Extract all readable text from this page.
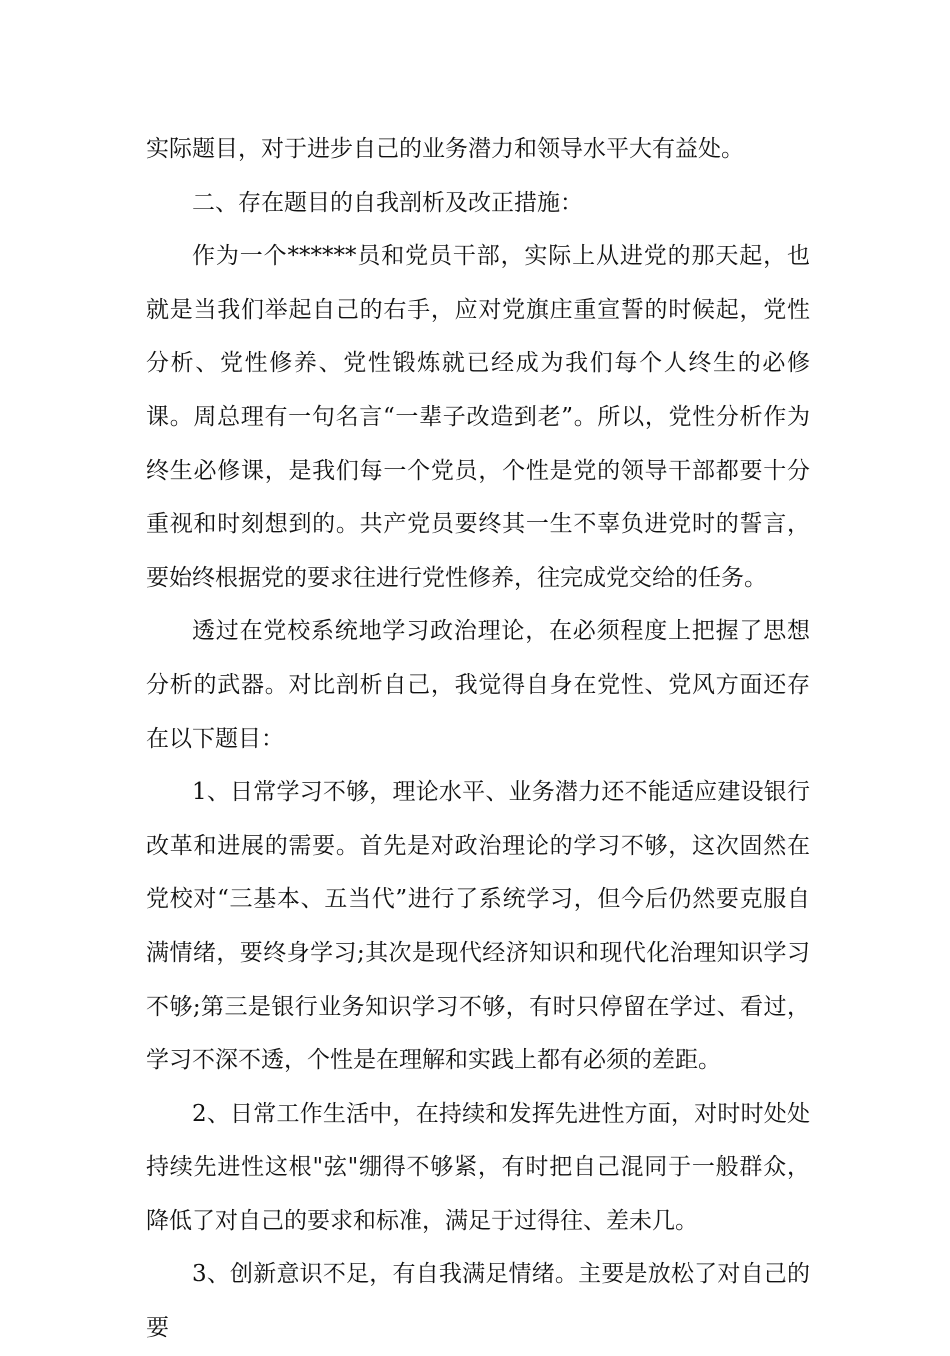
实际题目，对于进步自己的业务潜力和领导水平大有益处。

二、存在题目的自我剖析及改正措施：

作为一个******员和党员干部，实际上从进党的那天起，也就是当我们举起自己的右手，应对党旗庄重宣誓的时候起，党性分析、党性修养、党性锻炼就已经成为我们每个人终生的必修课。周总理有一句名言“一辈子改造到老”。所以，党性分析作为终生必修课，是我们每一个党员，个性是党的领导干部都要十分重视和时刻想到的。共产党员要终其一生不辜负进党时的誓言，要始终根据党的要求往进行党性修养，往完成党交给的任务。

透过在党校系统地学习政治理论，在必须程度上把握了思想分析的武器。对比剖析自己，我觉得自身在党性、党风方面还存在以下题目：

1、日常学习不够，理论水平、业务潜力还不能适应建设银行改革和进展的需要。首先是对政治理论的学习不够，这次固然在党校对“三基本、五当代”进行了系统学习，但今后仍然要克服自满情绪，要终身学习;其次是现代经济知识和现代化治理知识学习不够;第三是银行业务知识学习不够，有时只停留在学过、看过，学习不深不透，个性是在理解和实践上都有必须的差距。

2、日常工作生活中，在持续和发挥先进性方面，对时时处处持续先进性这根"弦"绷得不够紧，有时把自己混同于一般群众，降低了对自己的要求和标准，满足于过得往、差未几。

3、创新意识不足，有自我满足情绪。主要是放松了对自己的要
